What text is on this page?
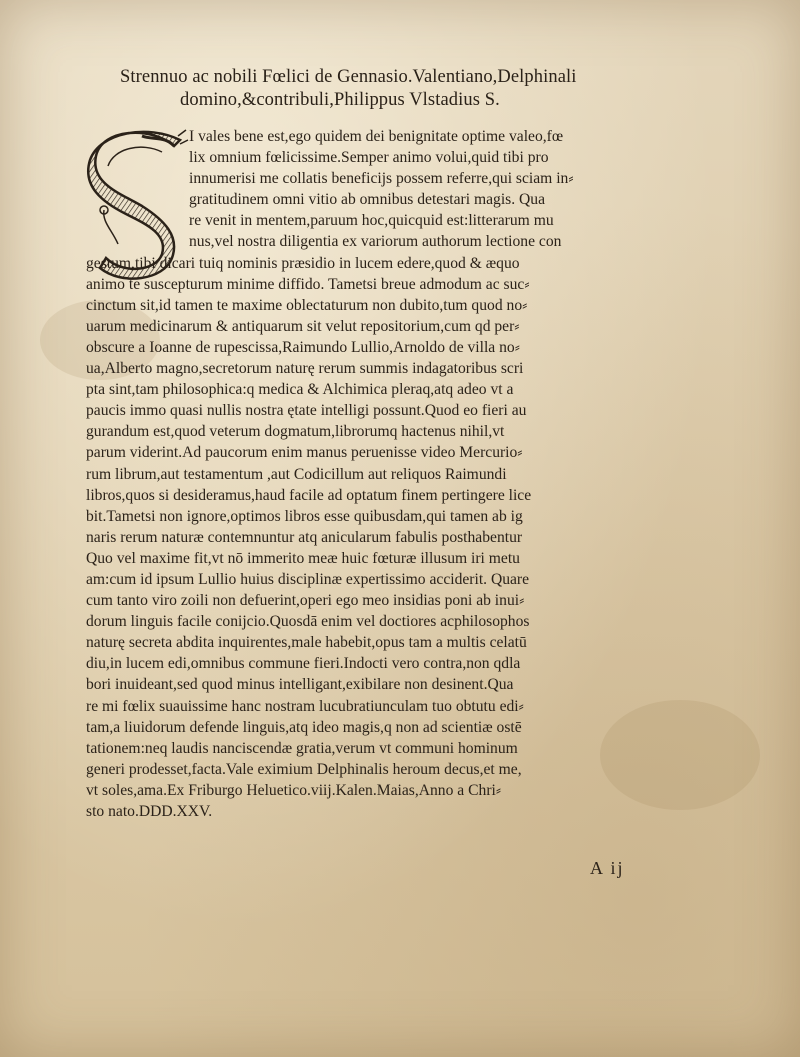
Strennuo ac nobili Fœlici de Gennasio.Valentiano,Delphinali
domino,&contribuli,Philippus Vlstadius S.
I vales bene est,ego quidem dei benignitate optime valeo,fœ
lix omnium fœlicissime.Semper animo volui,quid tibi pro
innumerisi me collatis beneficijs possem referre,qui sciam in⸗
gratitudinem omni vitio ab omnibus detestari magis. Qua
re venit in mentem,paruum hoc,quicquid est:litterarum mu
nus,vel nostra diligentia ex variorum authorum lectione con
gestum,tibi dicari tuiq nominis præsidio in lucem edere,quod & æquo
animo te suscepturum minime diffido. Tametsi breue admodum ac suc⸗
cinctum sit,id tamen te maxime oblectaturum non dubito,tum quod no⸗
uarum medicinarum & antiquarum sit velut repositorium,cum qd per⸗
obscure a Ioanne de rupescissa,Raimundo Lullio,Arnoldo de villa no⸗
ua,Alberto magno,secretorum naturę rerum summis indagatoribus scri
pta sint,tam philosophica:q medica & Alchimica pleraq,atq adeo vt a
paucis immo quasi nullis nostra ętate intelligi possunt.Quod eo fieri au
gurandum est,quod veterum dogmatum,librorumq hactenus nihil,vt
parum viderint.Ad paucorum enim manus peruenisse video Mercurio⸗
rum librum,aut testamentum ,aut Codicillum aut reliquos Raimundi
libros,quos si desideramus,haud facile ad optatum finem pertingere lice
bit.Tametsi non ignore,optimos libros esse quibusdam,qui tamen ab ig
naris rerum naturæ contemnuntur atq anicularum fabulis posthabentur
Quo vel maxime fit,vt nō immerito meæ huic fœturæ illusum iri metu
am:cum id ipsum Lullio huius disciplinæ expertissimo acciderit. Quare
cum tanto viro zoili non defuerint,operi ego meo insidias poni ab inui⸗
dorum linguis facile conijcio.Quosdā enim vel doctiores acphilosophos
naturę secreta abdita inquirentes,male habebit,opus tam a multis celatū
diu,in lucem edi,omnibus commune fieri.Indocti vero contra,non qdla
bori inuideant,sed quod minus intelligant,exibilare non desinent.Qua
re mi fœlix suauissime hanc nostram lucubratiunculam tuo obtutu edi⸗
tam,a liuidorum defende linguis,atq ideo magis,q non ad scientiæ ostē
tationem:neq laudis nanciscendæ gratia,verum vt communi hominum
generi prodesset,facta.Vale eximium Delphinalis heroum decus,et me,
vt soles,ama.Ex Friburgo Heluetico.viij.Kalen.Maias,Anno a Chri⸗
sto nato.DDD.XXV.
A ij
